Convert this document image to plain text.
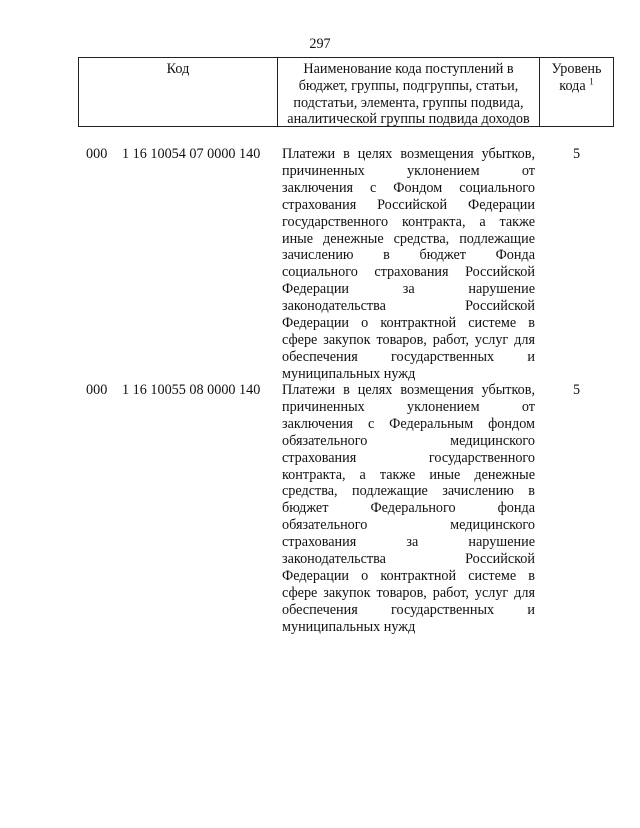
297
Код	Наименование кода поступлений в
бюджет, группы, подгруппы, статьи,
подстатьи, элемента, группы подвида,
аналитической группы подвида доходов
Уровень
кода $^1$
000 1 16 10054 07 0000 140 Платежи в целях возмещения убытков,
причиненных уклонением от
заключения с Фондом социального
страхования Российской Федерации
государственного контракта, а также
иные денежные средства, подлежащие
зачислению в бюджет Фонда
социального страхования Российской
Федерации за нарушение
законодательства Российской
Федерации о контрактной системе в
сфере закупок товаров, работ, услуг для
обеспечения государственных и
муниципальных нужд
5
000 1 16 10055 08 0000 140 Платежи в целях возмещения убытков,
причиненных уклонением от
заключения с Федеральным фондом
обязательного медицинского
страхования государственного
контракта, а также иные денежные
средства, подлежащие зачислению в
бюджет Федерального фонда
обязательного медицинского
страхования за нарушение
законодательства Российской
Федерации о контрактной системе в
сфере закупок товаров, работ, услуг для
обеспечения государственных и
муниципальных нужд
5
